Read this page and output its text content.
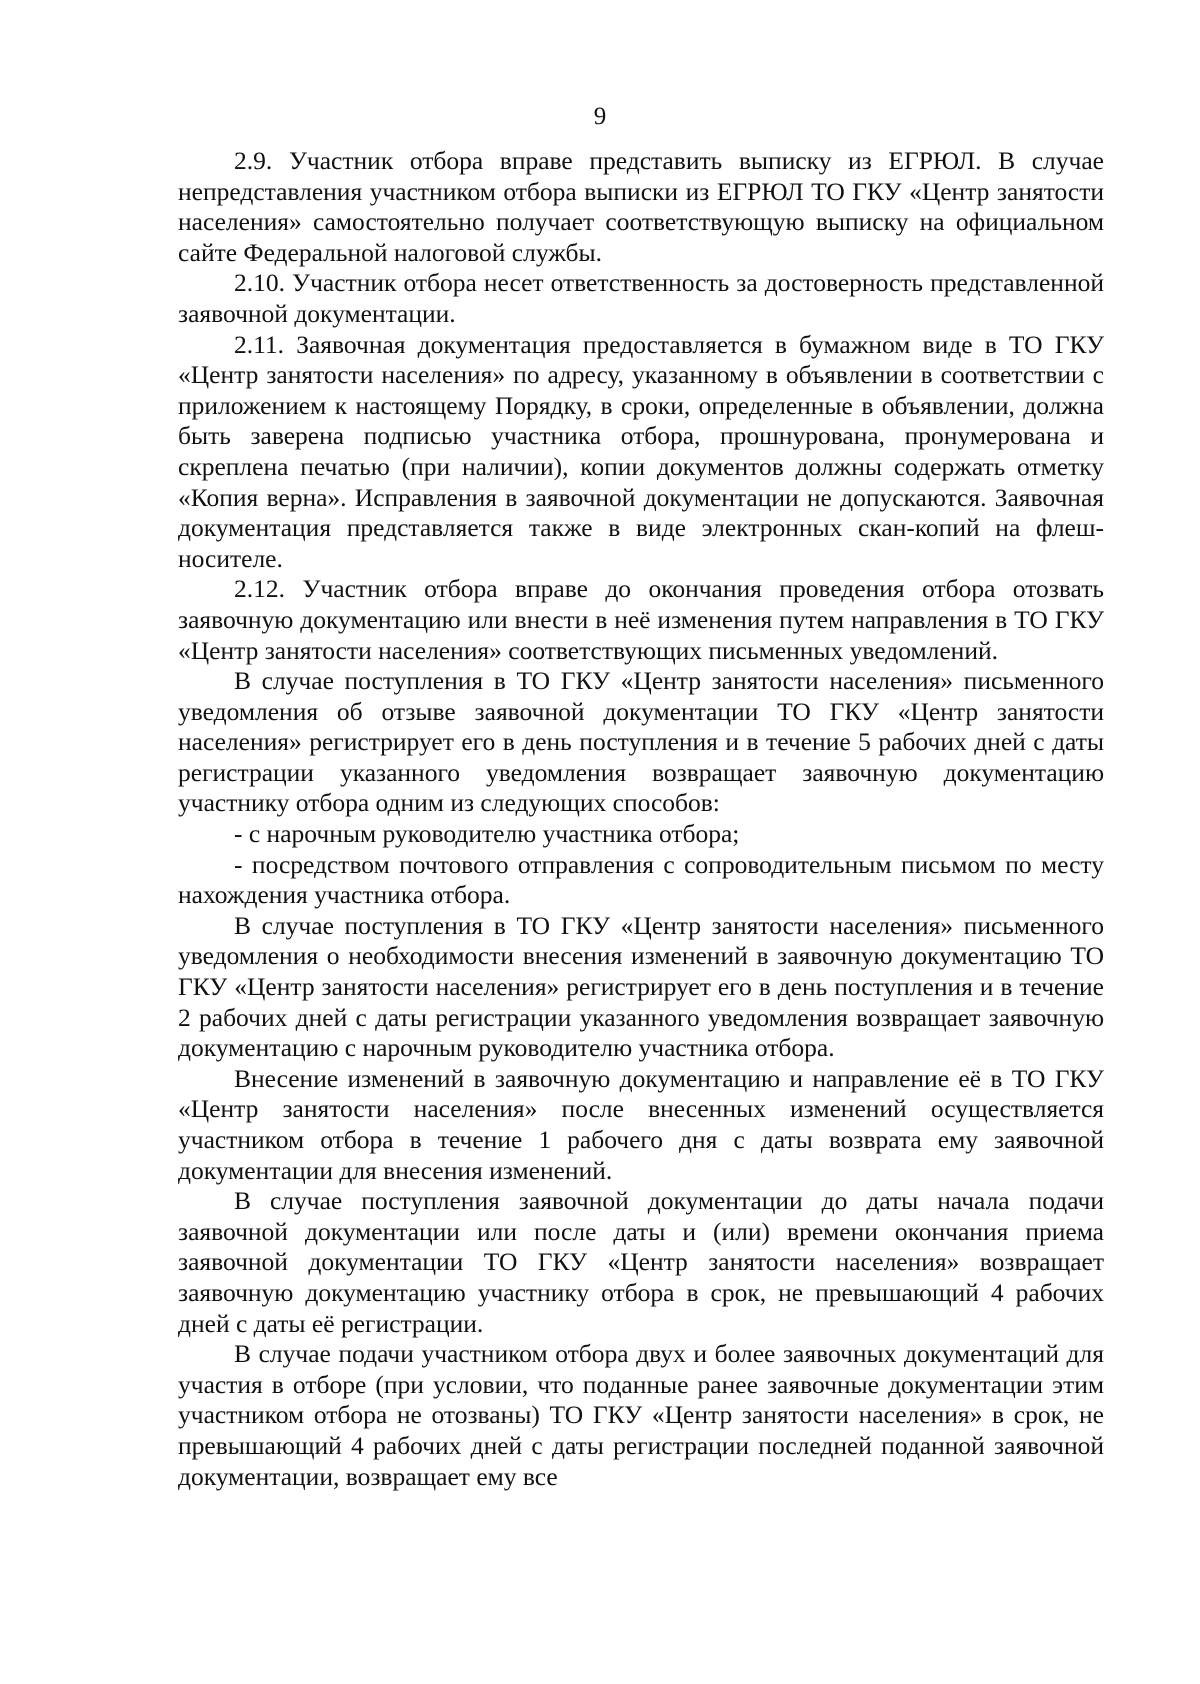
9

2.9. Участник отбора вправе представить выписку из ЕГРЮЛ. В случае непредставления участником отбора выписки из ЕГРЮЛ ТО ГКУ «Центр занятости населения» самостоятельно получает соответствующую выписку на официальном сайте Федеральной налоговой службы.

2.10. Участник отбора несет ответственность за достоверность представленной заявочной документации.

2.11. Заявочная документация предоставляется в бумажном виде в ТО ГКУ «Центр занятости населения» по адресу, указанному в объявлении в соответствии с приложением к настоящему Порядку, в сроки, определенные в объявлении, должна быть заверена подписью участника отбора, прошнурована, пронумерована и скреплена печатью (при наличии), копии документов должны содержать отметку «Копия верна». Исправления в заявочной документации не допускаются. Заявочная документация представляется также в виде электронных скан-копий на флеш-носителе.

2.12. Участник отбора вправе до окончания проведения отбора отозвать заявочную документацию или внести в неё изменения путем направления в ТО ГКУ «Центр занятости населения» соответствующих письменных уведомлений.

В случае поступления в ТО ГКУ «Центр занятости населения» письменного уведомления об отзыве заявочной документации ТО ГКУ «Центр занятости населения» регистрирует его в день поступления и в течение 5 рабочих дней с даты регистрации указанного уведомления возвращает заявочную документацию участнику отбора одним из следующих способов:

- с нарочным руководителю участника отбора;

- посредством почтового отправления с сопроводительным письмом по месту нахождения участника отбора.

В случае поступления в ТО ГКУ «Центр занятости населения» письменного уведомления о необходимости внесения изменений в заявочную документацию ТО ГКУ «Центр занятости населения» регистрирует его в день поступления и в течение 2 рабочих дней с даты регистрации указанного уведомления возвращает заявочную документацию с нарочным руководителю участника отбора.

Внесение изменений в заявочную документацию и направление её в ТО ГКУ «Центр занятости населения» после внесенных изменений осуществляется участником отбора в течение 1 рабочего дня с даты возврата ему заявочной документации для внесения изменений.

В случае поступления заявочной документации до даты начала подачи заявочной документации или после даты и (или) времени окончания приема заявочной документации ТО ГКУ «Центр занятости населения» возвращает заявочную документацию участнику отбора в срок, не превышающий 4 рабочих дней с даты её регистрации.

В случае подачи участником отбора двух и более заявочных документаций для участия в отборе (при условии, что поданные ранее заявочные документации этим участником отбора не отозваны) ТО ГКУ «Центр занятости населения» в срок, не превышающий 4 рабочих дней с даты регистрации последней поданной заявочной документации, возвращает ему все
